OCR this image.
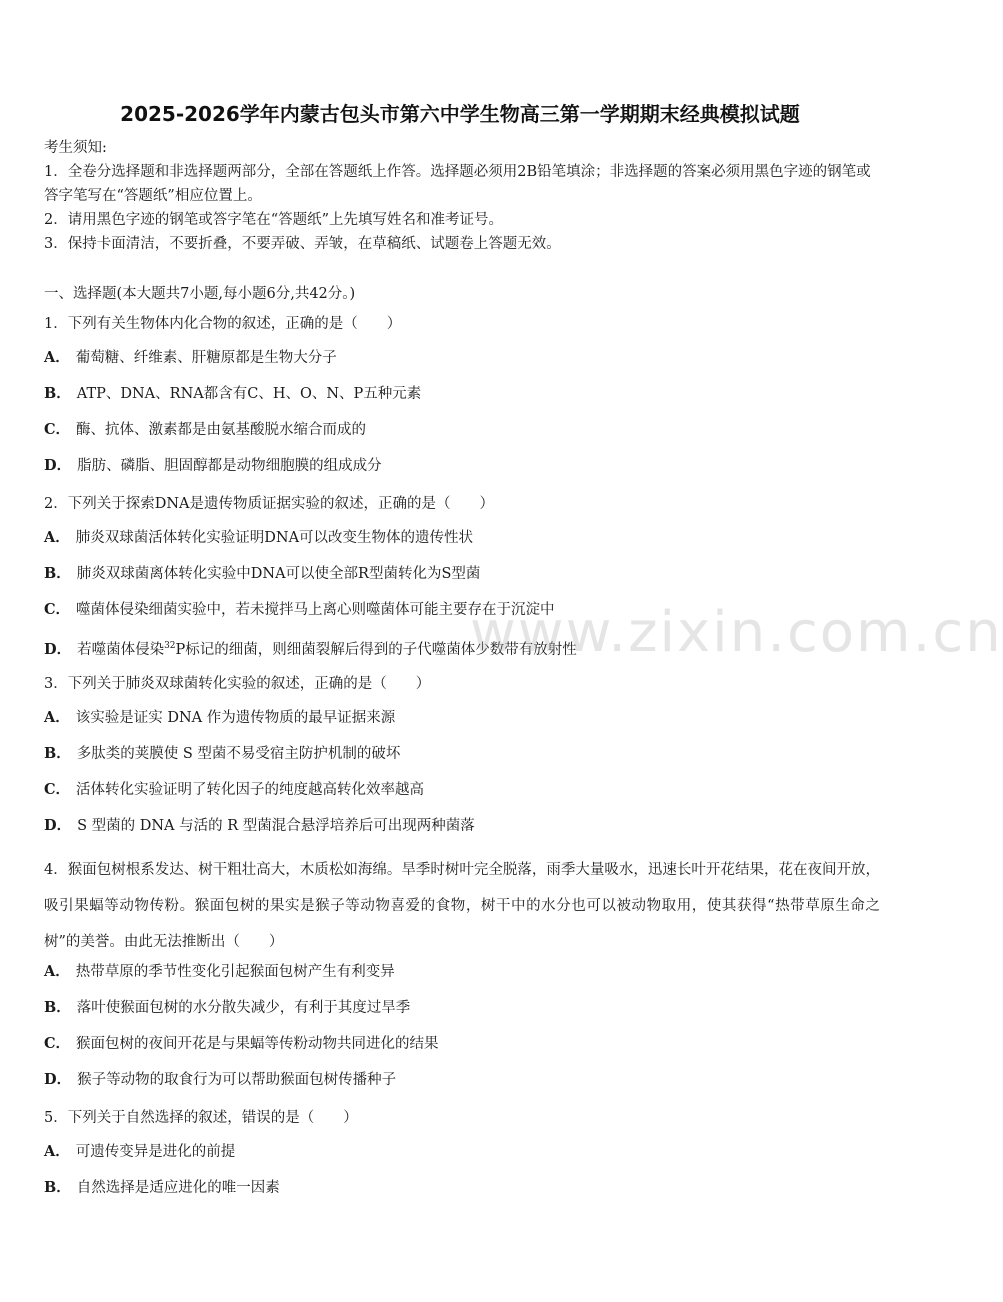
2025-2026学年内蒙古包头市第六中学生物高三第一学期期末经典模拟试题

考生须知:

1．全卷分选择题和非选择题两部分，全部在答题纸上作答。选择题必须用2B铅笔填涂；非选择题的答案必须用黑色字迹的钢笔或答字笔写在“答题纸”相应位置上。

2．请用黑色字迹的钢笔或答字笔在“答题纸”上先填写姓名和准考证号。

3．保持卡面清洁，不要折叠，不要弄破、弄皱，在草稿纸、试题卷上答题无效。

一、选择题(本大题共7小题,每小题6分,共42分。)
1．下列有关生物体内化合物的叙述，正确的是（　　）
A． 葡萄糖、纤维素、肝糖原都是生物大分子
B． ATP、DNA、RNA都含有C、H、O、N、P五种元素
C． 酶、抗体、激素都是由氨基酸脱水缩合而成的
D． 脂肪、磷脂、胆固醇都是动物细胞膜的组成成分
2．下列关于探索DNA是遗传物质证据实验的叙述，正确的是（　　）
A． 肺炎双球菌活体转化实验证明DNA可以改变生物体的遗传性状
B． 肺炎双球菌离体转化实验中DNA可以使全部R型菌转化为S型菌
C． 噬菌体侵染细菌实验中，若未搅拌马上离心则噬菌体可能主要存在于沉淀中
D． 若噬菌体侵染$^{32}$P标记的细菌，则细菌裂解后得到的子代噬菌体少数带有放射性
3．下列关于肺炎双球菌转化实验的叙述，正确的是（　　）
A． 该实验是证实 DNA 作为遗传物质的最早证据来源
B． 多肽类的荚膜使 S 型菌不易受宿主防护机制的破坏
C． 活体转化实验证明了转化因子的纯度越高转化效率越高
D． S 型菌的 DNA 与活的 R 型菌混合悬浮培养后可出现两种菌落

4．猴面包树根系发达、树干粗壮高大，木质松如海绵。旱季时树叶完全脱落，雨季大量吸水，迅速长叶开花结果，花在夜间开放，吸引果蝠等动物传粉。猴面包树的果实是猴子等动物喜爱的食物，树干中的水分也可以被动物取用，使其获得“热带草原生命之树”的美誉。由此无法推断出（　　）

A． 热带草原的季节性变化引起猴面包树产生有利变异
B． 落叶使猴面包树的水分散失减少，有利于其度过旱季
C． 猴面包树的夜间开花是与果蝠等传粉动物共同进化的结果
D． 猴子等动物的取食行为可以帮助猴面包树传播种子
5．下列关于自然选择的叙述，错误的是（　　）
A． 可遗传变异是进化的前提
B． 自然选择是适应进化的唯一因素
www.zixin.com.cn
